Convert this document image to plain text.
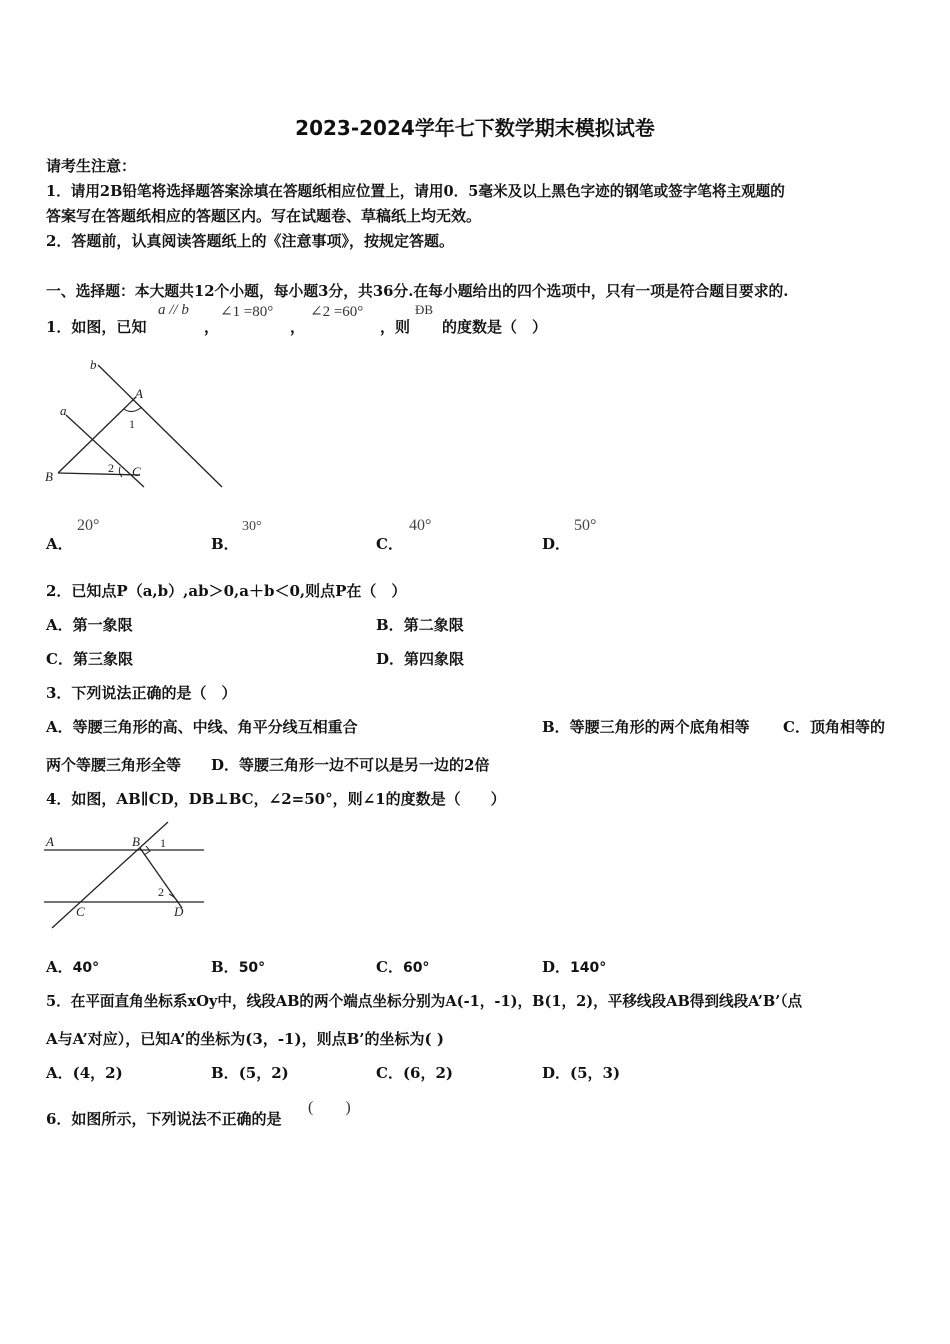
2023-2024学年七下数学期末模拟试卷
请考生注意：
1．请用2B铅笔将选择题答案涂填在答题纸相应位置上，请用0．5毫米及以上黑色字迹的钢笔或签字笔将主观题的
答案写在答题纸相应的答题区内。写在试题卷、草稿纸上均无效。
2．答题前，认真阅读答题纸上的《注意事项》，按规定答题。
一、选择题：本大题共12个小题，每小题3分，共36分.在每小题给出的四个选项中，只有一项是符合题目要求的.
1．如图，已知
a // b
，
∠1 =80°
，
∠2 =60°
，则
ÐB
的度数是（　）
b
a
A
1
B
2 C
A．
20°
B．
30°
C．
40°
D．
50°
2．已知点P（a,b）,ab＞0,a＋b＜0,则点P在（　）
A．第一象限	B．第二象限
C．第三象限	D．第四象限
3．下列说法正确的是（　）
A．等腰三角形的高、中线、角平分线互相重合	B．等腰三角形的两个底角相等 C．顶角相等的
两个等腰三角形全等 D．等腰三角形一边不可以是另一边的2倍
4．如图，AB∥CD，DB⊥BC，∠2=50°，则∠1的度数是（　　）
A	B 1
2
C	D
A．40°	B．50°	C．60°	D．140°
5．在平面直角坐标系xOy中，线段AB的两个端点坐标分别为A(-1，-1)，B(1，2)，平移线段AB得到线段A’B’（点
A与A’对应），已知A’的坐标为(3，-1)，则点B’的坐标为( )
A．(4，2)	B．(5，2)	C．(6，2)	D．(5，3)
6．如图所示，下列说法不正确的是
(　　)
